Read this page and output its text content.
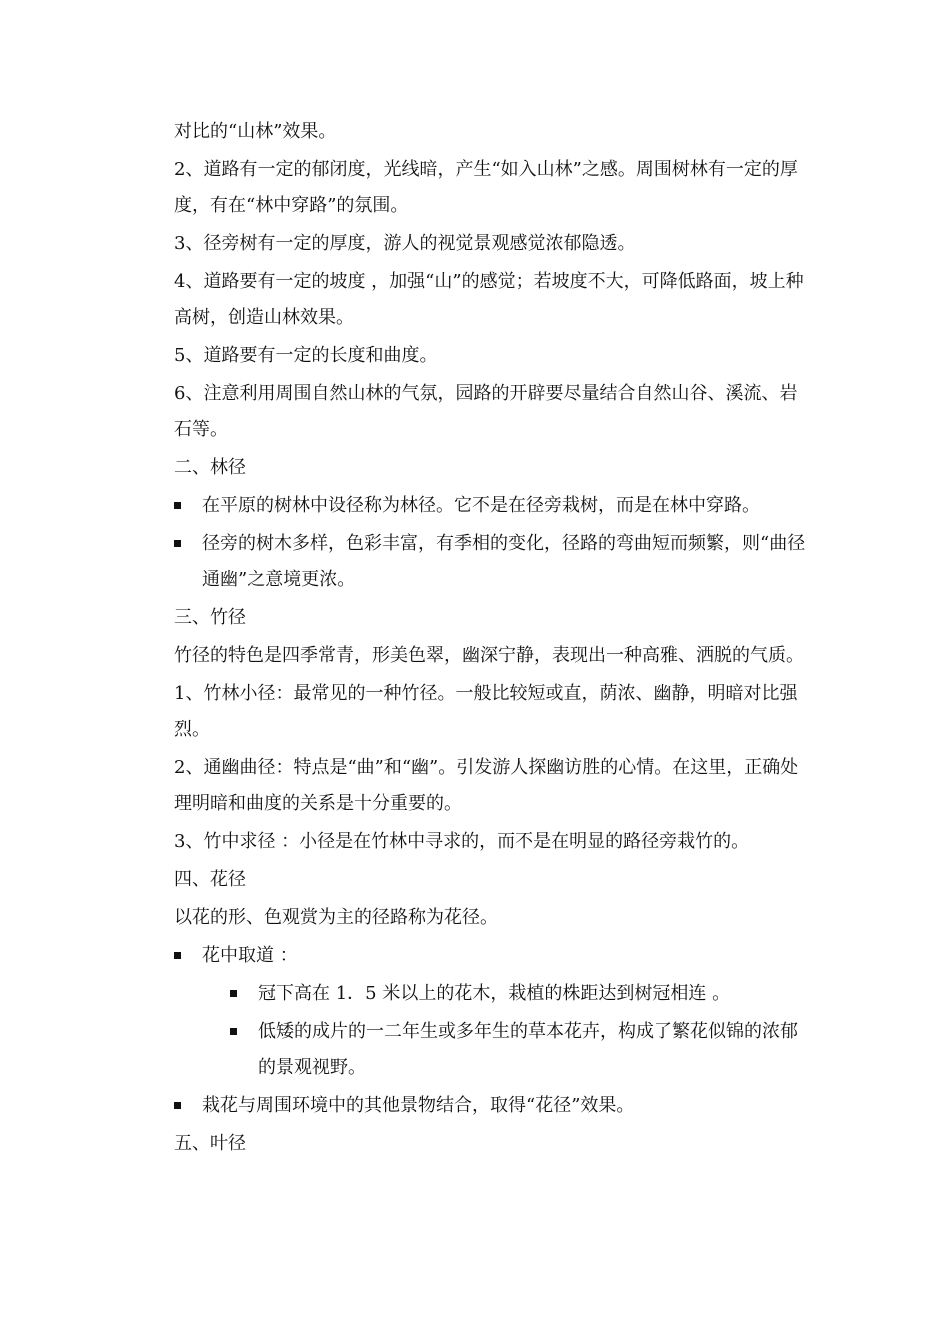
对比的“山林”效果。

2、道路有一定的郁闭度，光线暗，产生“如入山林”之感。周围树林有一定的厚度，有在“林中穿路”的氛围。

3、径旁树有一定的厚度，游人的视觉景观感觉浓郁隐透。

4、道路要有一定的坡度 ，加强“山”的感觉；若坡度不大，可降低路面，坡上种高树，创造山林效果。

5、道路要有一定的长度和曲度。

6、注意利用周围自然山林的气氛，园路的开辟要尽量结合自然山谷、溪流、岩石等。

二、林径

在平原的树林中设径称为林径。它不是在径旁栽树，而是在林中穿路。
径旁的树木多样，色彩丰富，有季相的变化，径路的弯曲短而频繁，则“曲径通幽”之意境更浓。

三、竹径

竹径的特色是四季常青，形美色翠，幽深宁静，表现出一种高雅、洒脱的气质。

1、竹林小径：最常见的一种竹径。一般比较短或直，荫浓、幽静，明暗对比强烈。

2、通幽曲径：特点是“曲”和“幽”。引发游人探幽访胜的心情。在这里，正确处理明暗和曲度的关系是十分重要的。

3、竹中求径 ：小径是在竹林中寻求的，而不是在明显的路径旁栽竹的。

四、花径

以花的形、色观赏为主的径路称为花径。

花中取道 ：
冠下高在 1．5 米以上的花木，栽植的株距达到树冠相连 。
低矮的成片的一二年生或多年生的草本花卉，构成了繁花似锦的浓郁的景观视野。
栽花与周围环境中的其他景物结合，取得“花径”效果。

五、叶径
